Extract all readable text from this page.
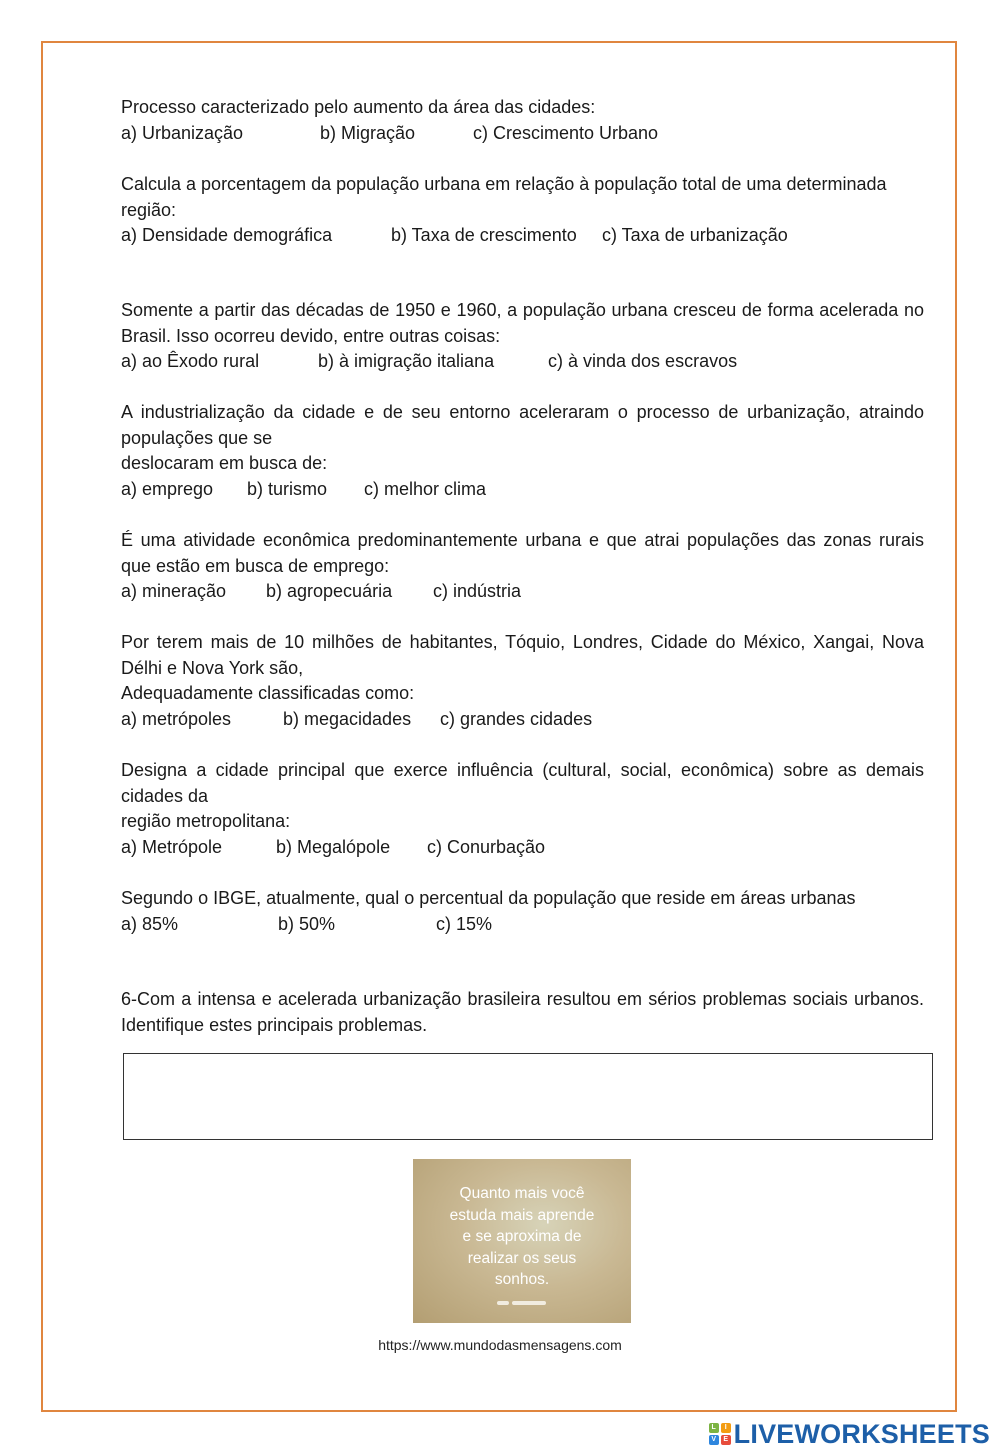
Processo caracterizado pelo aumento da área das cidades:

a) Urbanização	b) Migração	c) Crescimento Urbano

Calcula a porcentagem da população urbana em relação à população total de uma determinada região:

a) Densidade demográfica	b) Taxa de crescimento c) Taxa de urbanização

Somente a partir das décadas de 1950 e 1960, a população urbana cresceu de forma acelerada no Brasil. Isso ocorreu devido, entre outras coisas:

a) ao Êxodo rural	b) à imigração italiana	c) à vinda dos escravos

A industrialização da cidade e de seu entorno aceleraram o processo de urbanização, atraindo populações que se

deslocaram em busca de:

a) emprego b) turismo c) melhor clima

É uma atividade econômica predominantemente urbana e que atrai populações das zonas rurais que estão em busca de emprego:

a) mineração b) agropecuária c) indústria

Por terem mais de 10 milhões de habitantes, Tóquio, Londres, Cidade do México, Xangai, Nova Délhi e Nova York são,

Adequadamente classificadas como:

a) metrópoles	b) megacidades c) grandes cidades

Designa a cidade principal que exerce influência (cultural, social, econômica) sobre as demais cidades da

região metropolitana:

a) Metrópole	b) Megalópole c) Conurbação

Segundo o IBGE, atualmente, qual o percentual da população que reside em áreas urbanas

a) 85%	b) 50%	c) 15%

6-Com a intensa e acelerada urbanização brasileira resultou em sérios problemas sociais urbanos. Identifique estes principais problemas.

Quanto mais você
estuda mais aprende
e se aproxima de
realizar os seus
sonhos.
https://www.mundodasmensagens.com
L	I
V	E LIVEWORKSHEETS
